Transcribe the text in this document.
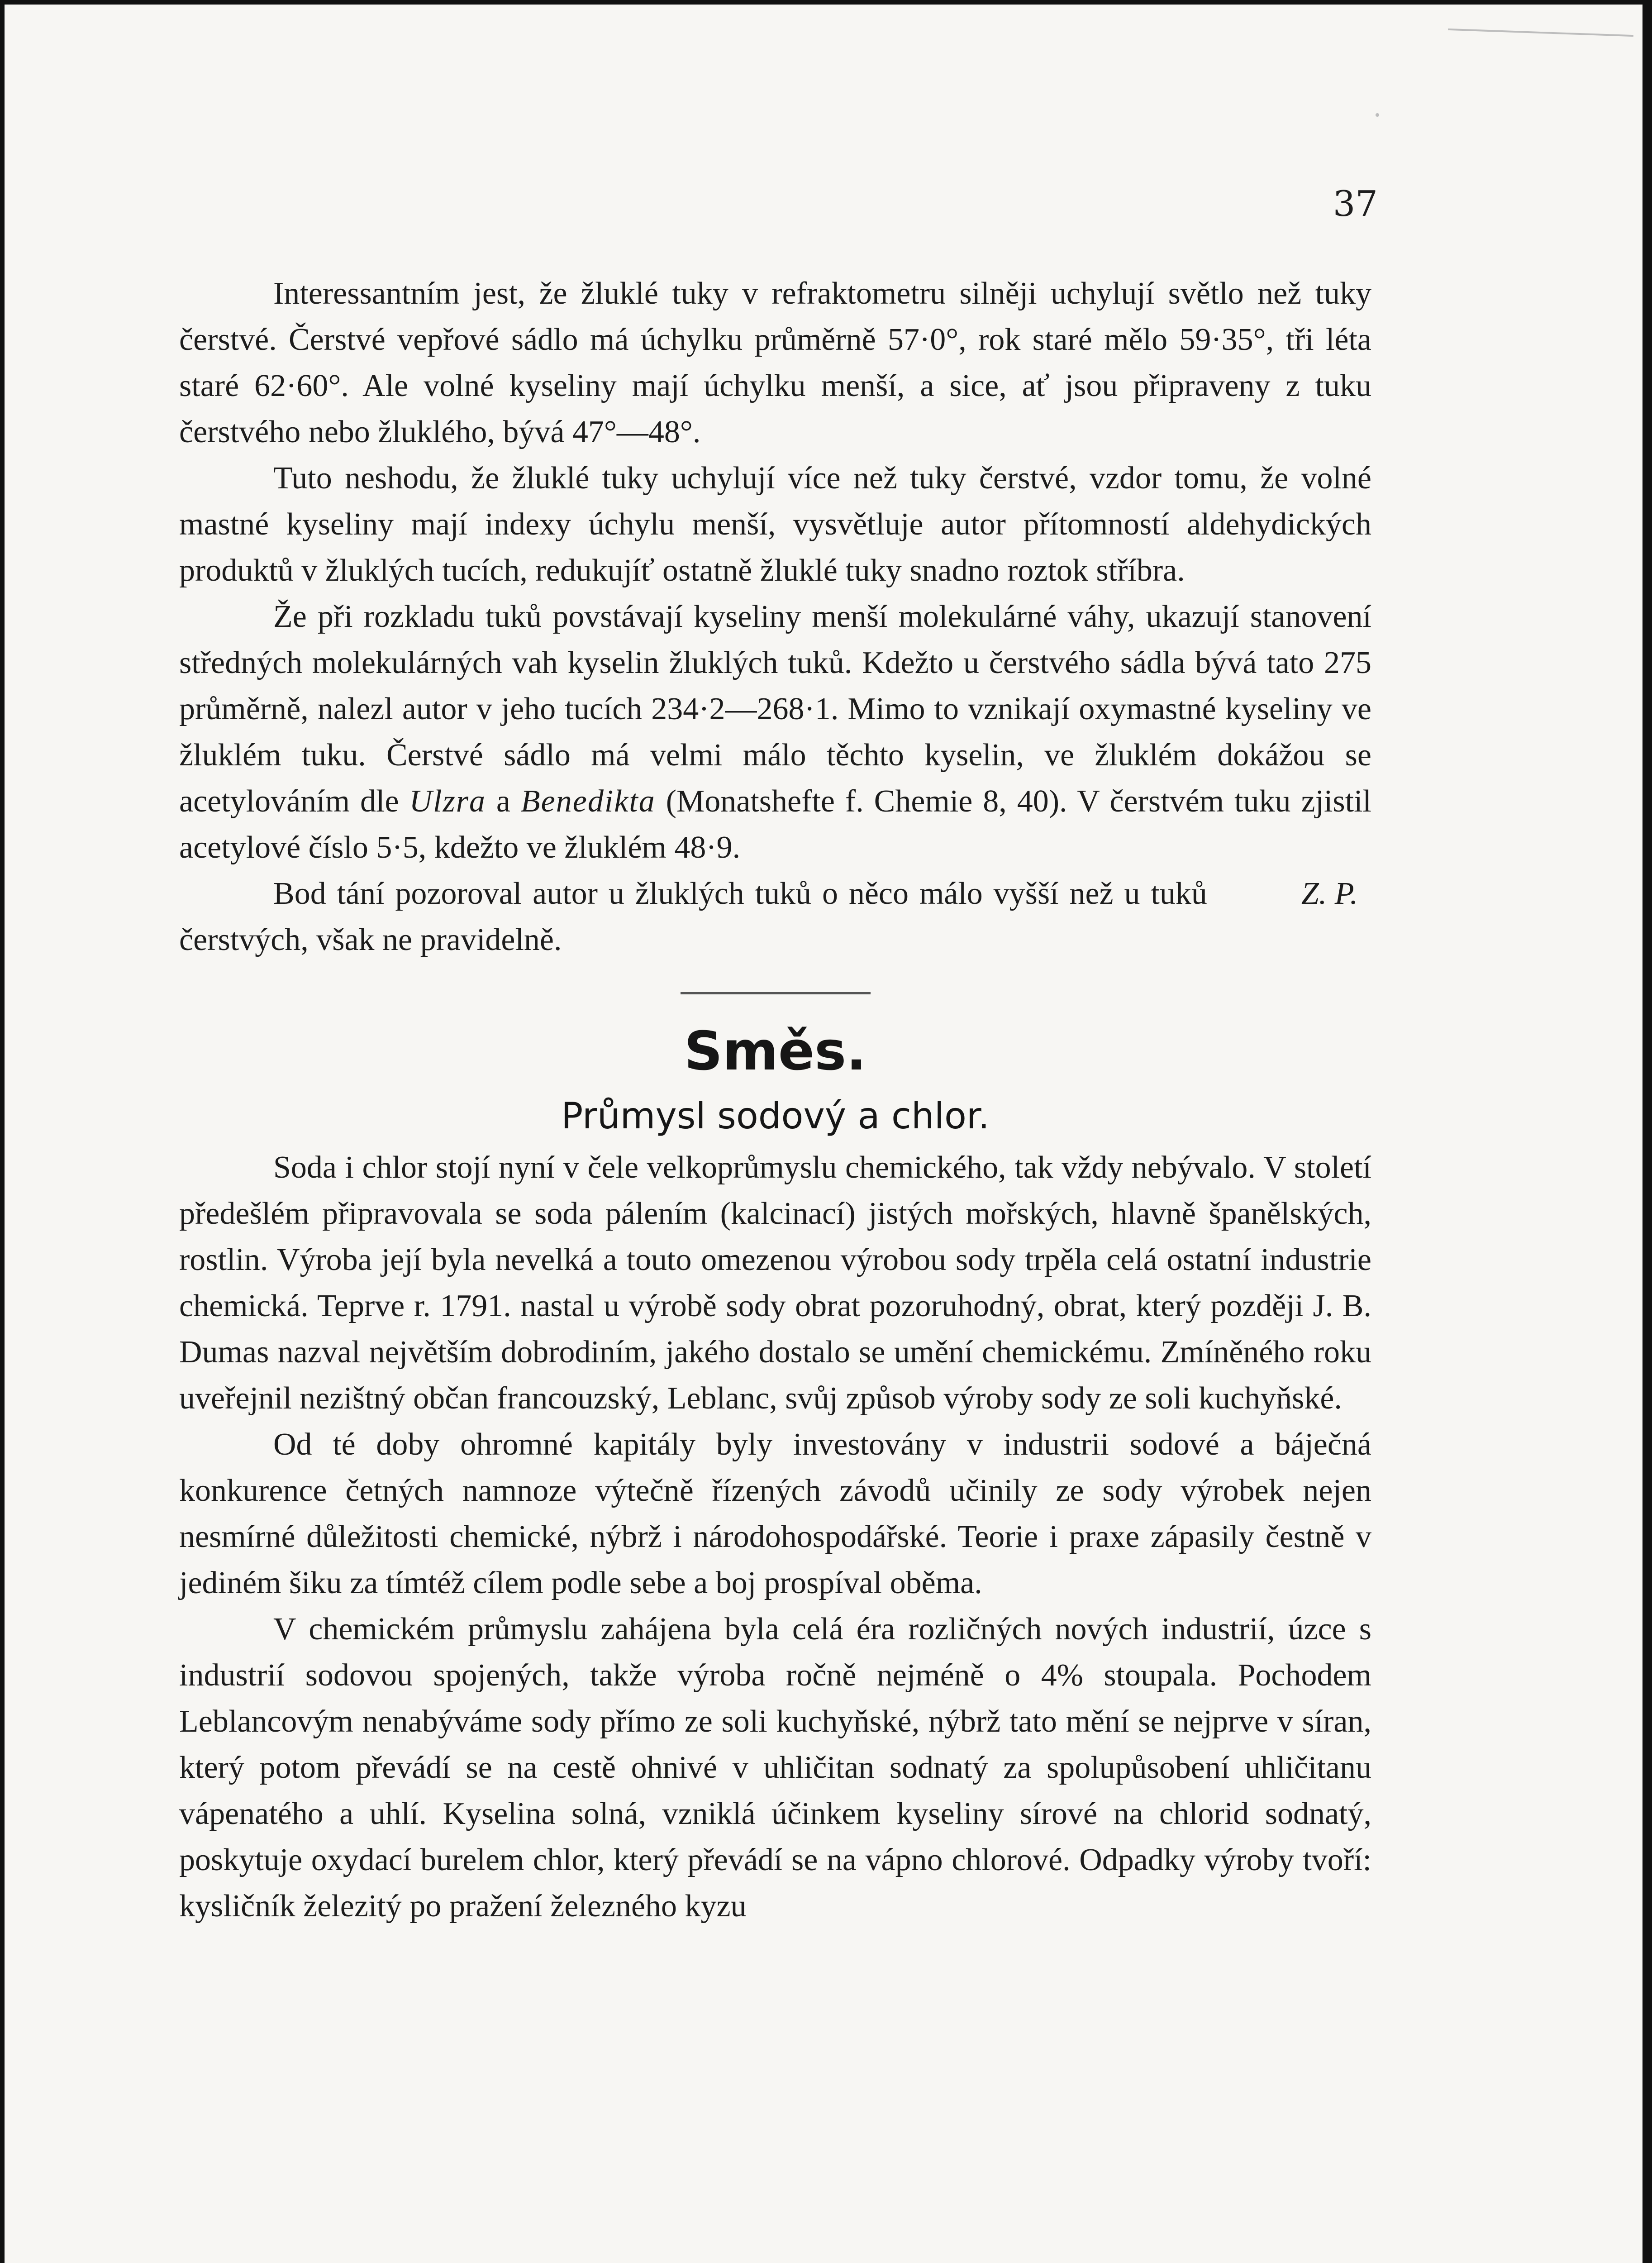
37

Interessantním jest, že žluklé tuky v refraktometru silněji uchylují světlo než tuky čerstvé. Čerstvé vepřové sádlo má úchylku průměrně 57·0°, rok staré mělo 59·35°, tři léta staré 62·60°. Ale volné kyseliny mají úchylku menší, a sice, ať jsou připraveny z tuku čerstvého nebo žluklého, bývá 47°—48°.

Tuto neshodu, že žluklé tuky uchylují více než tuky čerstvé, vzdor tomu, že volné mastné kyseliny mají indexy úchylu menší, vysvětluje autor přítomností aldehydických produktů v žluklých tucích, redukujíť ostatně žluklé tuky snadno roztok stříbra.

Že při rozkladu tuků povstávají kyseliny menší molekulárné váhy, ukazují stanovení středných molekulárných vah kyselin žluklých tuků. Kdežto u čerstvého sádla bývá tato 275 průměrně, nalezl autor v jeho tucích 234·2—268·1. Mimo to vznikají oxymastné kyseliny ve žluklém tuku. Čerstvé sádlo má velmi málo těchto kyselin, ve žluklém dokážou se acetylováním dle Ulzra a Benedikta (Monatshefte f. Chemie 8, 40). V čerstvém tuku zjistil acetylové číslo 5·5, kdežto ve žluklém 48·9.

Bod tání pozoroval autor u žluklých tuků o něco málo vyšší než u tuků čerstvých, však ne pravidelně.
Z. P.

Směs.
Průmysl sodový a chlor.

Soda i chlor stojí nyní v čele velkoprůmyslu chemického, tak vždy nebývalo. V století předešlém připravovala se soda pálením (kalcinací) jistých mořských, hlavně španělských, rostlin. Výroba její byla nevelká a touto omezenou výrobou sody trpěla celá ostatní industrie chemická. Teprve r. 1791. nastal u výrobě sody obrat pozoruhodný, obrat, který později J. B. Dumas nazval největším dobrodiním, jakého dostalo se umění chemickému. Zmíněného roku uveřejnil nezištný občan francouzský, Leblanc, svůj způsob výroby sody ze soli kuchyňské.

Od té doby ohromné kapitály byly investovány v industrii sodové a báječná konkurence četných namnoze výtečně řízených závodů učinily ze sody výrobek nejen nesmírné důležitosti chemické, nýbrž i národohospodářské. Teorie i praxe zápasily čestně v jediném šiku za tímtéž cílem podle sebe a boj prospíval oběma.

V chemickém průmyslu zahájena byla celá éra rozličných nových industrií, úzce s industrií sodovou spojených, takže výroba ročně nejméně o 4% stoupala. Pochodem Leblancovým nenabýváme sody přímo ze soli kuchyňské, nýbrž tato mění se nejprve v síran, který potom převádí se na cestě ohnivé v uhličitan sodnatý za spolupůsobení uhličitanu vápenatého a uhlí. Kyselina solná, vzniklá účinkem kyseliny sírové na chlorid sodnatý, poskytuje oxydací burelem chlor, který převádí se na vápno chlorové. Odpadky výroby tvoří: kysličník železitý po pražení železného kyzu
